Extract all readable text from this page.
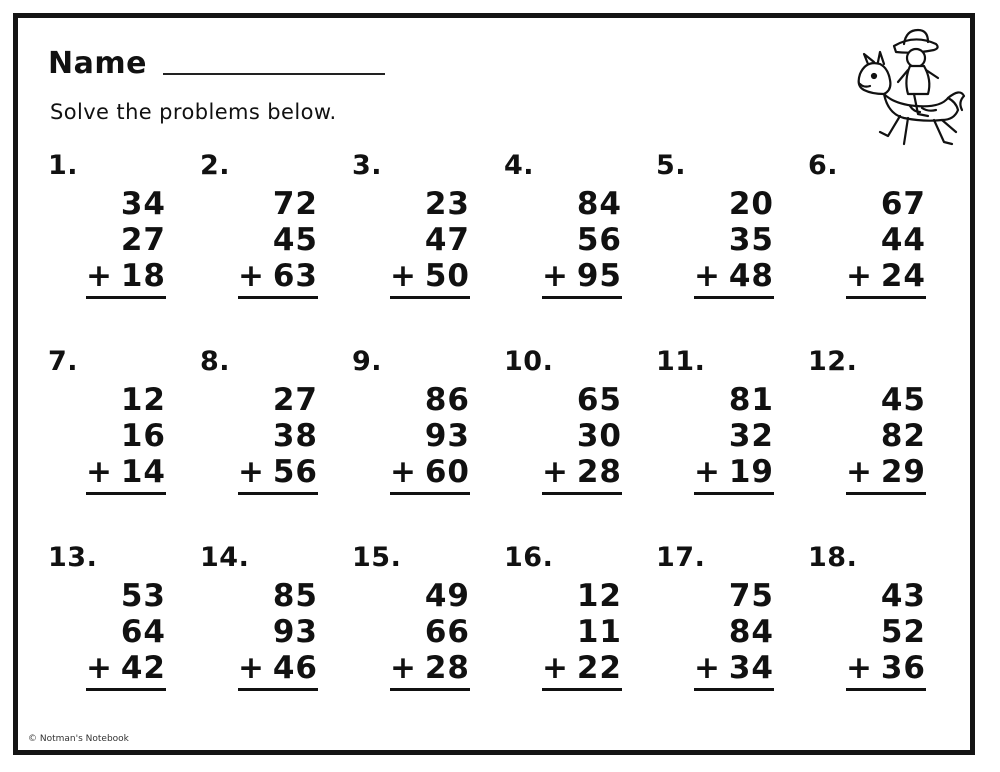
Name
Solve the problems below.
1.
34
27
+ 18
2.
72
45
+ 63
3.
23
47
+ 50
4.
84
56
+ 95
5.
20
35
+ 48
6.
67
44
+ 24
7.
12
16
+ 14
8.
27
38
+ 56
9.
86
93
+ 60
10.
65
30
+ 28
11.
81
32
+ 19
12.
45
82
+ 29
13.
53
64
+ 42
14.
85
93
+ 46
15.
49
66
+ 28
16.
12
11
+ 22
17.
75
84
+ 34
18.
43
52
+ 36
© Notman's Notebook
